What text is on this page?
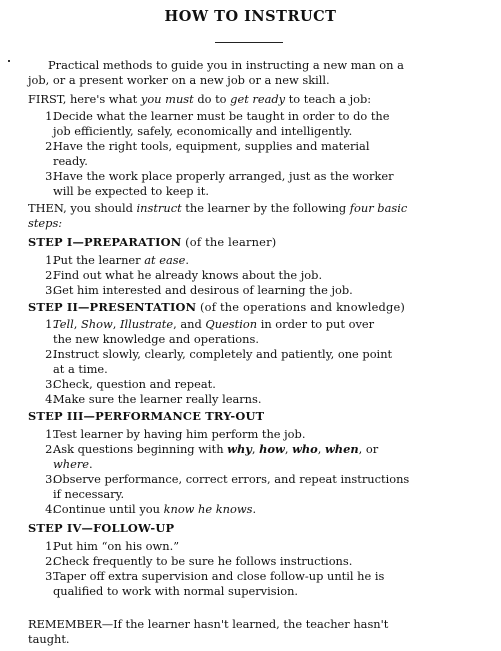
HOW TO INSTRUCT
Practical methods to guide you in instructing a new man on a
job, or a present worker on a new job or a new skill.
FIRST, here's what you must do to get ready to teach a job:
1.
Decide what the learner must be taught in order to do the
job efficiently, safely, economically and intelligently.
2.
Have the right tools, equipment, supplies and material
ready.
3.
Have the work place properly arranged, just as the worker
will be expected to keep it.
THEN, you should instruct the learner by the following four basic
steps:
STEP I—PREPARATION (of the learner)
1.
Put the learner at ease.
2.
Find out what he already knows about the job.
3.
Get him interested and desirous of learning the job.
STEP II—PRESENTATION (of the operations and knowledge)
1.
Tell, Show, Illustrate, and Question in order to put over
the new knowledge and operations.
2.
Instruct slowly, clearly, completely and patiently, one point
at a time.
3.
Check, question and repeat.
4.
Make sure the learner really learns.
STEP III—PERFORMANCE TRY-OUT
1.
Test learner by having him perform the job.
2.
Ask questions beginning with why, how, who, when, or
where.
3.
Observe performance, correct errors, and repeat instructions
if necessary.
4.
Continue until you know he knows.
STEP IV—FOLLOW-UP
1.
Put him “on his own.”
2.
Check frequently to be sure he follows instructions.
3.
Taper off extra supervision and close follow-up until he is
qualified to work with normal supervision.
REMEMBER—If the learner hasn't learned, the teacher hasn't
taught.
